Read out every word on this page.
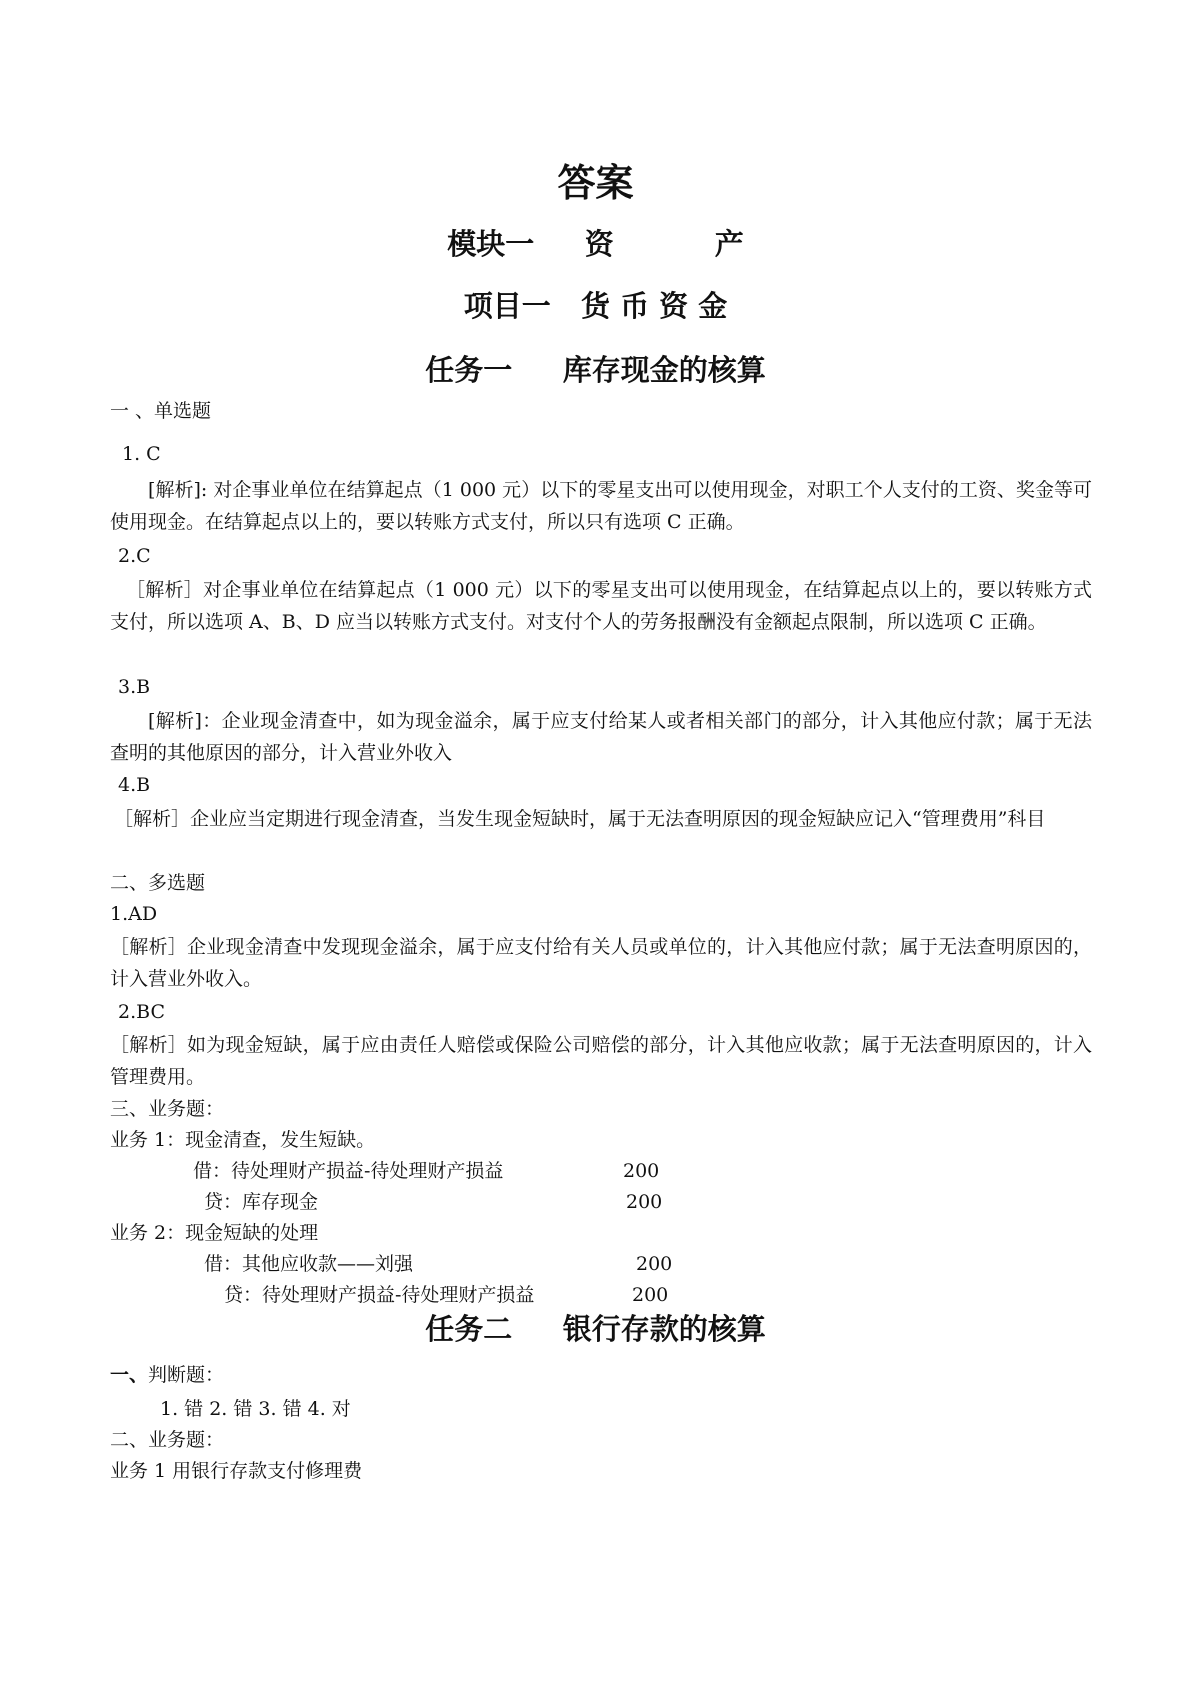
答案
模块一     资          产
项目一   货 币 资 金
任务一     库存现金的核算
一 、单选题
1. C
[解析]: 对企事业单位在结算起点（1 000 元）以下的零星支出可以使用现金，对职工个人支付的工资、奖金等可使用现金。在结算起点以上的，要以转账方式支付，所以只有选项 C 正确。
2.C
［解析］对企事业单位在结算起点（1 000 元）以下的零星支出可以使用现金，在结算起点以上的，要以转账方式支付，所以选项 A、B、D 应当以转账方式支付。对支付个人的劳务报酬没有金额起点限制，所以选项 C 正确。
3.B
[解析]：企业现金清查中，如为现金溢余，属于应支付给某人或者相关部门的部分，计入其他应付款；属于无法查明的其他原因的部分，计入营业外收入
4.B
［解析］企业应当定期进行现金清查，当发生现金短缺时，属于无法查明原因的现金短缺应记入“管理费用”科目
二、多选题
1.AD
［解析］企业现金清查中发现现金溢余，属于应支付给有关人员或单位的，计入其他应付款；属于无法查明原因的，计入营业外收入。
2.BC
［解析］如为现金短缺，属于应由责任人赔偿或保险公司赔偿的部分，计入其他应收款；属于无法查明原因的，计入管理费用。
三、业务题：
业务 1：现金清查，发生短缺。
借：待处理财产损益-待处理财产损益	200
贷：库存现金	200
业务 2：现金短缺的处理
借：其他应收款——刘强	200
贷：待处理财产损益-待处理财产损益	200
任务二     银行存款的核算
一、判断题：
1. 错 2. 错 3. 错 4. 对
二、业务题：
业务 1 用银行存款支付修理费
